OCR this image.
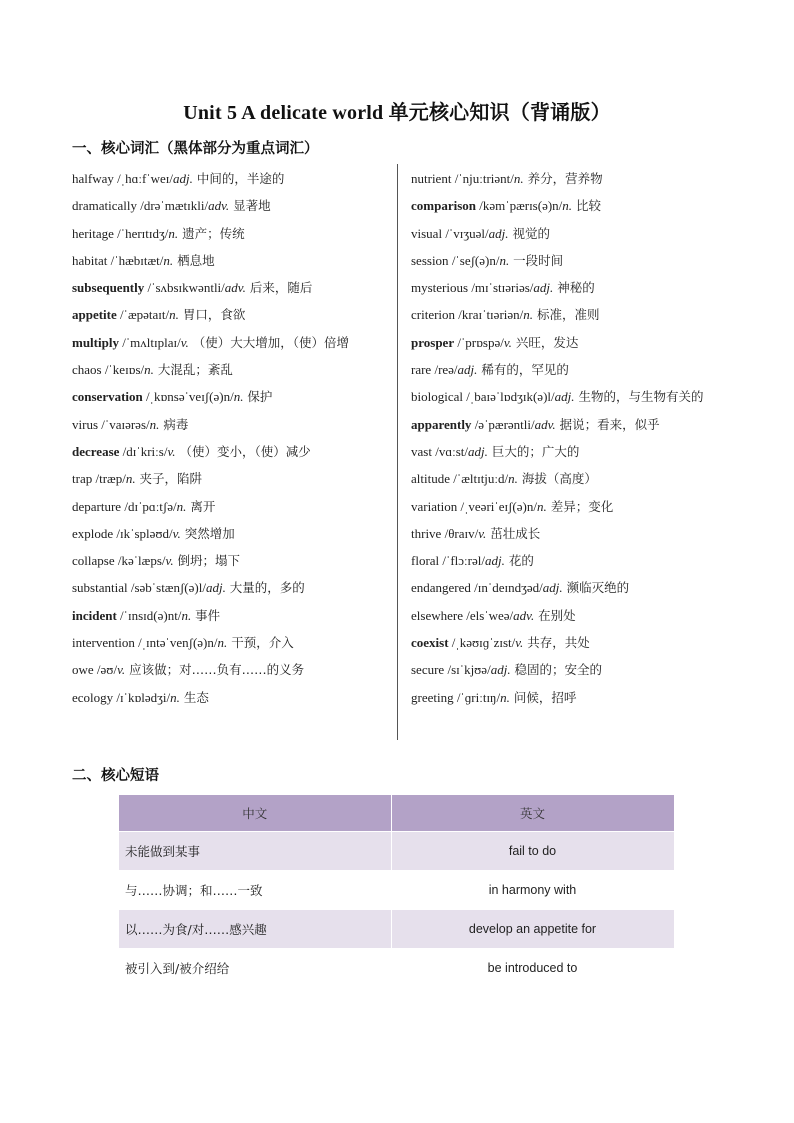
Unit 5 A delicate world 单元核心知识（背诵版）
一、核心词汇（黑体部分为重点词汇）
halfway /ˌhɑːfˈweɪ/adj. 中间的，半途的
dramatically /drəˈmætɪkli/adv. 显著地
heritage /ˈherɪtɪdʒ/n. 遗产；传统
habitat /ˈhæbɪtæt/n. 栖息地
subsequently /ˈsʌbsɪkwəntli/adv. 后来，随后
appetite /ˈæpətaɪt/n. 胃口，食欲
multiply /ˈmʌltɪplaɪ/v. （使）大大增加，（使）倍增
chaos /ˈkeɪɒs/n. 大混乱；紊乱
conservation /ˌkɒnsəˈveɪʃ(ə)n/n. 保护
virus /ˈvaɪərəs/n. 病毒
decrease /dɪˈkriːs/v. （使）变小，（使）减少
trap /træp/n. 夹子，陷阱
departure /dɪˈpɑːtʃə/n. 离开
explode /ɪkˈspləʊd/v. 突然增加
collapse /kəˈlæps/v. 倒坍；塌下
substantial /səbˈstænʃ(ə)l/adj. 大量的，多的
incident /ˈɪnsɪd(ə)nt/n. 事件
intervention /ˌɪntəˈvenʃ(ə)n/n. 干预，介入
owe /əʊ/v. 应该做；对……负有……的义务
ecology /ɪˈkɒlədʒi/n. 生态
nutrient /ˈnjuːtriənt/n. 养分，营养物
comparison /kəmˈpærɪs(ə)n/n. 比较
visual /ˈvɪʒuəl/adj. 视觉的
session /ˈseʃ(ə)n/n. 一段时间
mysterious /mɪˈstɪəriəs/adj. 神秘的
criterion /kraɪˈtɪəriən/n. 标准，准则
prosper /ˈprɒspə/v. 兴旺，发达
rare /reə/adj. 稀有的，罕见的
biological /ˌbaɪəˈlɒdʒɪk(ə)l/adj. 生物的，与生物有关的
apparently /əˈpærəntli/adv. 据说；看来，似乎
vast /vɑːst/adj. 巨大的；广大的
altitude /ˈæltɪtjuːd/n. 海拔（高度）
variation /ˌveəriˈeɪʃ(ə)n/n. 差异；变化
thrive /θraɪv/v. 茁壮成长
floral /ˈflɔːrəl/adj. 花的
endangered /ɪnˈdeɪndʒəd/adj. 濒临灭绝的
elsewhere /elsˈweə/adv. 在别处
coexist /ˌkəʊɪɡˈzɪst/v. 共存，共处
secure /sɪˈkjʊə/adj. 稳固的；安全的
greeting /ˈɡriːtɪŋ/n. 问候，招呼
二、核心短语
中文	英文
未能做到某事	fail to do
与……协调；和……一致	in harmony with
以……为食/对……感兴趣	develop an appetite for
被引入到/被介绍给	be introduced to
